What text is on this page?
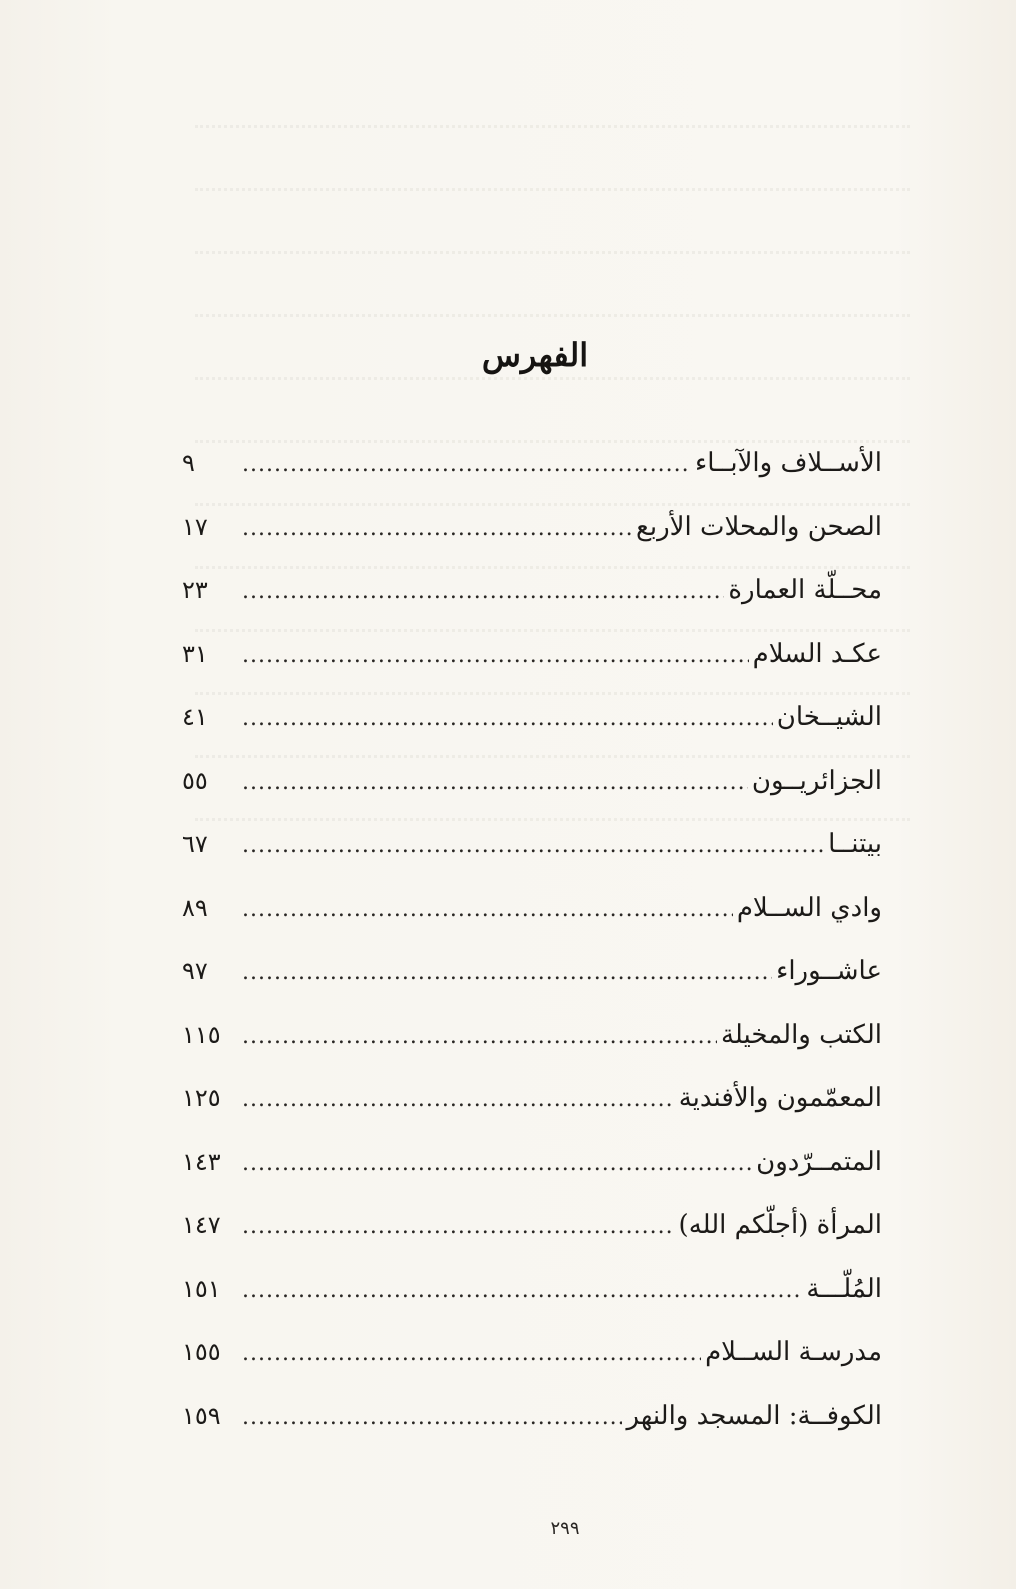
الفهرس
الأســلاف والآبــاء
.....
٩
الصحن والمحلات الأربع
.....
١٧
محــلّة العمارة
.....
٢٣
عكـد السلام
.....
٣١
الشيــخان
.....
٤١
الجزائريــون
.....
٥٥
بيتنــا
.....
٦٧
وادي الســلام
.....
٨٩
عاشــوراء
.....
٩٧
الكتب والمخيلة
.....
١١٥
المعمّمون والأفندية
.....
١٢٥
المتمــرّدون
.....
١٤٣
المرأة (أجلّكم الله)
.....
١٤٧
المُلّـــة
.....
١٥١
مدرسـة الســلام
.....
١٥٥
الكوفــة: المسجد والنهر
.....
١٥٩
٢٩٩
